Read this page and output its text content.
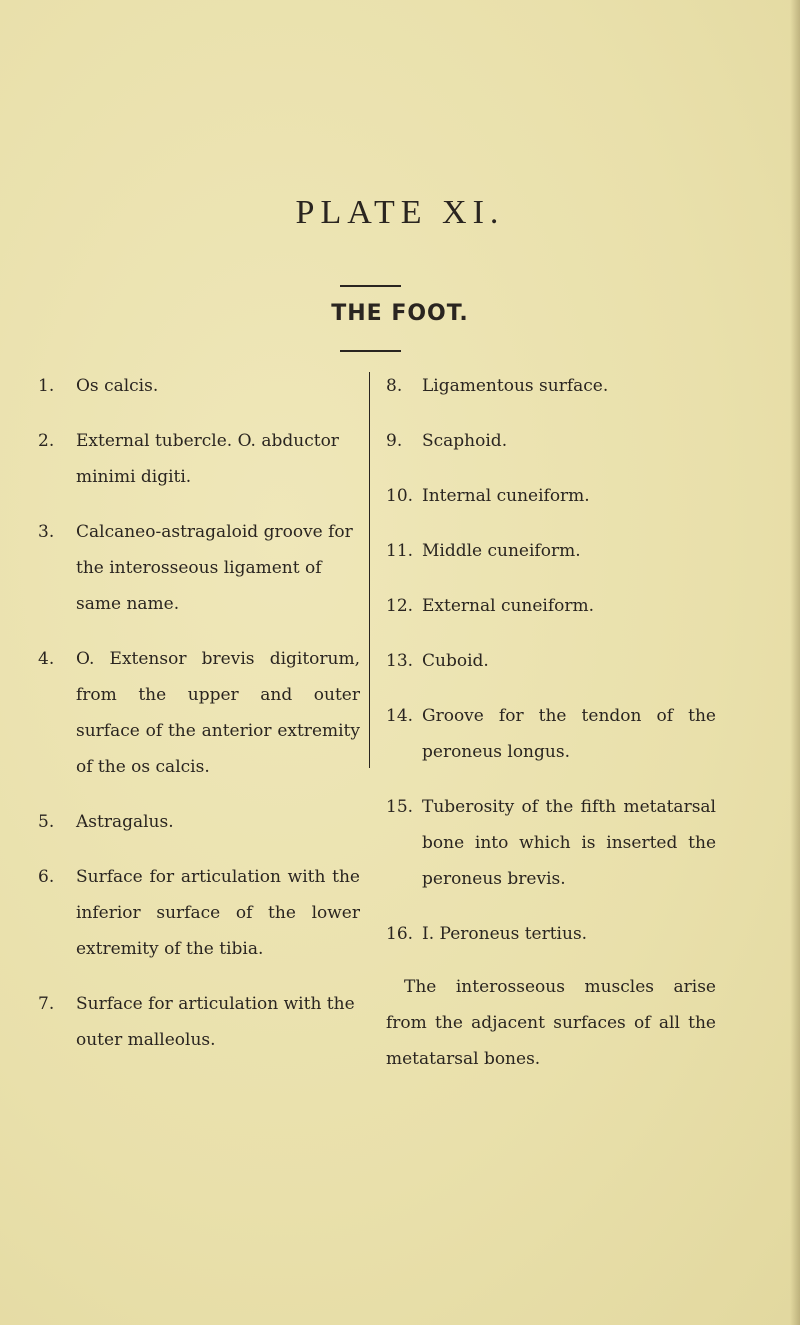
PLATE XI.
THE FOOT.
1.	Os calcis.
2.	External tubercle. O. abductor minimi digiti.
3.	Calcaneo-astragaloid groove for the interosseous ligament of same name.
4.	O. Extensor brevis digitorum, from the upper and outer surface of the anterior extremity of the os calcis.
5.	Astragalus.
6.	Surface for articulation with the inferior surface of the lower extremity of the tibia.
7.	Surface for articulation with the outer malleolus.
8.	Ligamentous surface.
9.	Scaphoid.
10. Internal cuneiform.
11. Middle cuneiform.
12. External cuneiform.
13. Cuboid.
14. Groove for the tendon of the peroneus longus.
15. Tuberosity of the fifth metatarsal bone into which is inserted the peroneus brevis.
16. I. Peroneus tertius.

The interosseous muscles arise from the adjacent surfaces of all the metatarsal bones.
